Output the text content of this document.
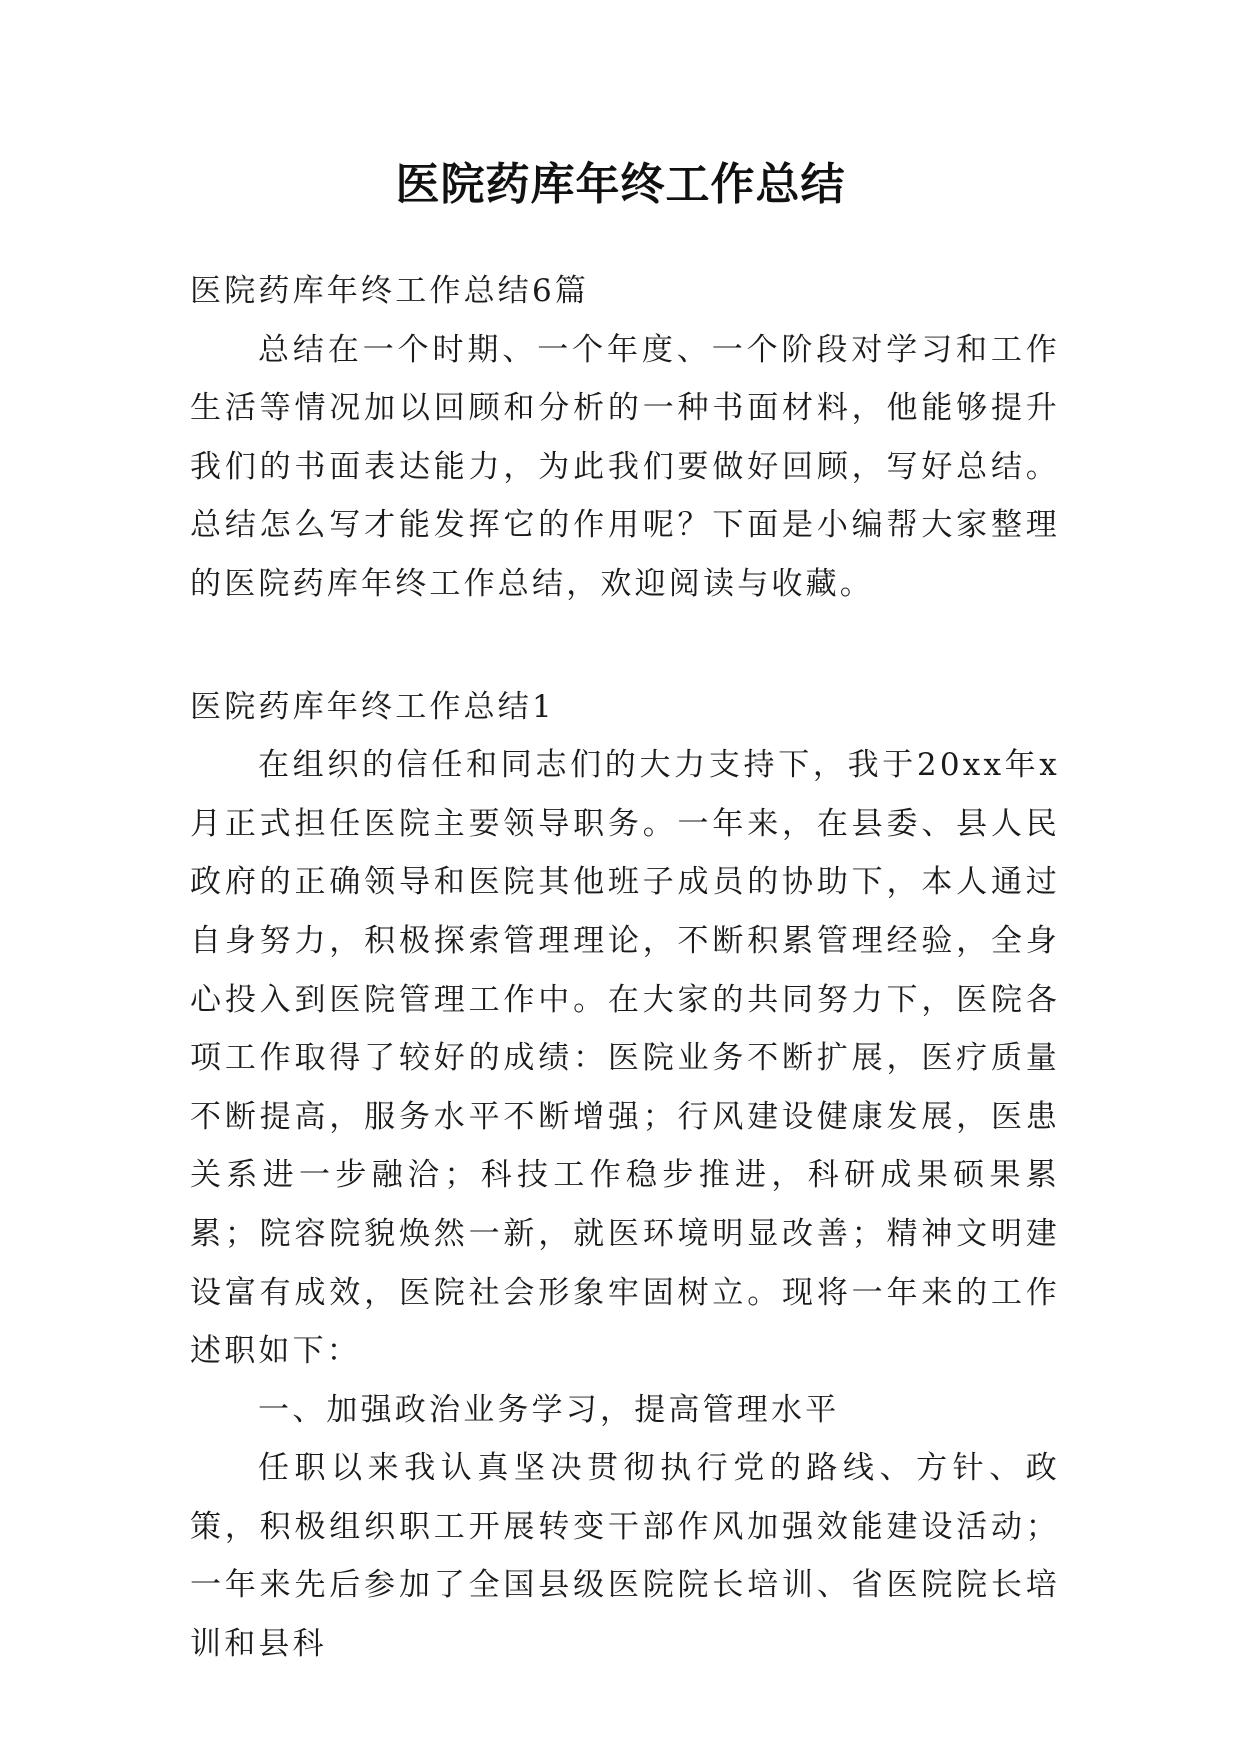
医院药库年终工作总结

医院药库年终工作总结6篇

总结在一个时期、一个年度、一个阶段对学习和工作生活等情况加以回顾和分析的一种书面材料，他能够提升我们的书面表达能力，为此我们要做好回顾，写好总结。总结怎么写才能发挥它的作用呢？下面是小编帮大家整理的医院药库年终工作总结，欢迎阅读与收藏。

医院药库年终工作总结1

在组织的信任和同志们的大力支持下，我于20xx年x月正式担任医院主要领导职务。一年来，在县委、县人民政府的正确领导和医院其他班子成员的协助下，本人通过自身努力，积极探索管理理论，不断积累管理经验，全身心投入到医院管理工作中。在大家的共同努力下，医院各项工作取得了较好的成绩：医院业务不断扩展，医疗质量不断提高，服务水平不断增强；行风建设健康发展，医患关系进一步融洽；科技工作稳步推进，科研成果硕果累累；院容院貌焕然一新，就医环境明显改善；精神文明建设富有成效，医院社会形象牢固树立。现将一年来的工作述职如下：

一、加强政治业务学习，提高管理水平

任职以来我认真坚决贯彻执行党的路线、方针、政策，积极组织职工开展转变干部作风加强效能建设活动；一年来先后参加了全国县级医院院长培训、省医院院长培训和县科
